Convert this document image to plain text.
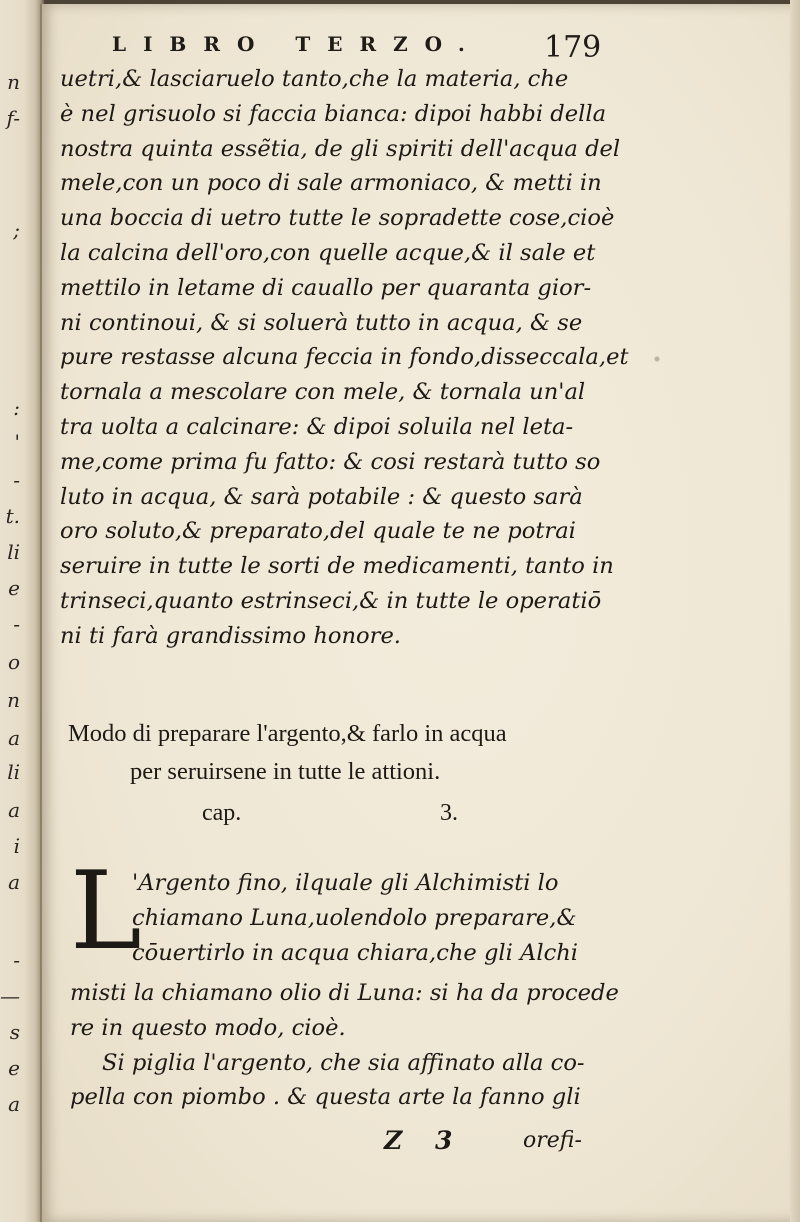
n
f-
;
:
'
-
t.
li
e
-
o
n
a
li
a
i
a
-
—
s
e
a
LIBRO TERZO.	179
uetri,& lasciaruelo tanto,che la materia, che
è nel grisuolo si faccia bianca: dipoi habbi della
nostra quinta essẽtia, de gli spiriti dell'acqua del
mele,con un poco di sale armoniaco, & metti in
una boccia di uetro tutte le sopradette cose,cioè
la calcina dell'oro,con quelle acque,& il sale et
mettilo in letame di cauallo per quaranta gior-
ni continoui, & si soluerà tutto in acqua, & se
pure restasse alcuna feccia in fondo,disseccala,et
tornala a mescolare con mele, & tornala un'al
tra uolta a calcinare: & dipoi soluila nel leta-
me,come prima fu fatto: & cosi restarà tutto so
luto in acqua, & sarà potabile : & questo sarà
oro soluto,& preparato,del quale te ne potrai
seruire in tutte le sorti de medicamenti, tanto in
trinseci,quanto estrinseci,& in tutte le operatiō
ni ti farà grandissimo honore.
Modo di preparare l'argento,& farlo in acqua
per seruirsene in tutte le attioni.
cap.	3.
L
'Argento fino, ilquale gli Alchimisti lo
chiamano Luna,uolendolo preparare,&
cōuertirlo in acqua chiara,che gli Alchi
misti la chiamano olio di Luna: si ha da procede
re in questo modo, cioè.
Si piglia l'argento, che sia affinato alla co-
pella con piombo . & questa arte la fanno gli
Z 3	orefi-
